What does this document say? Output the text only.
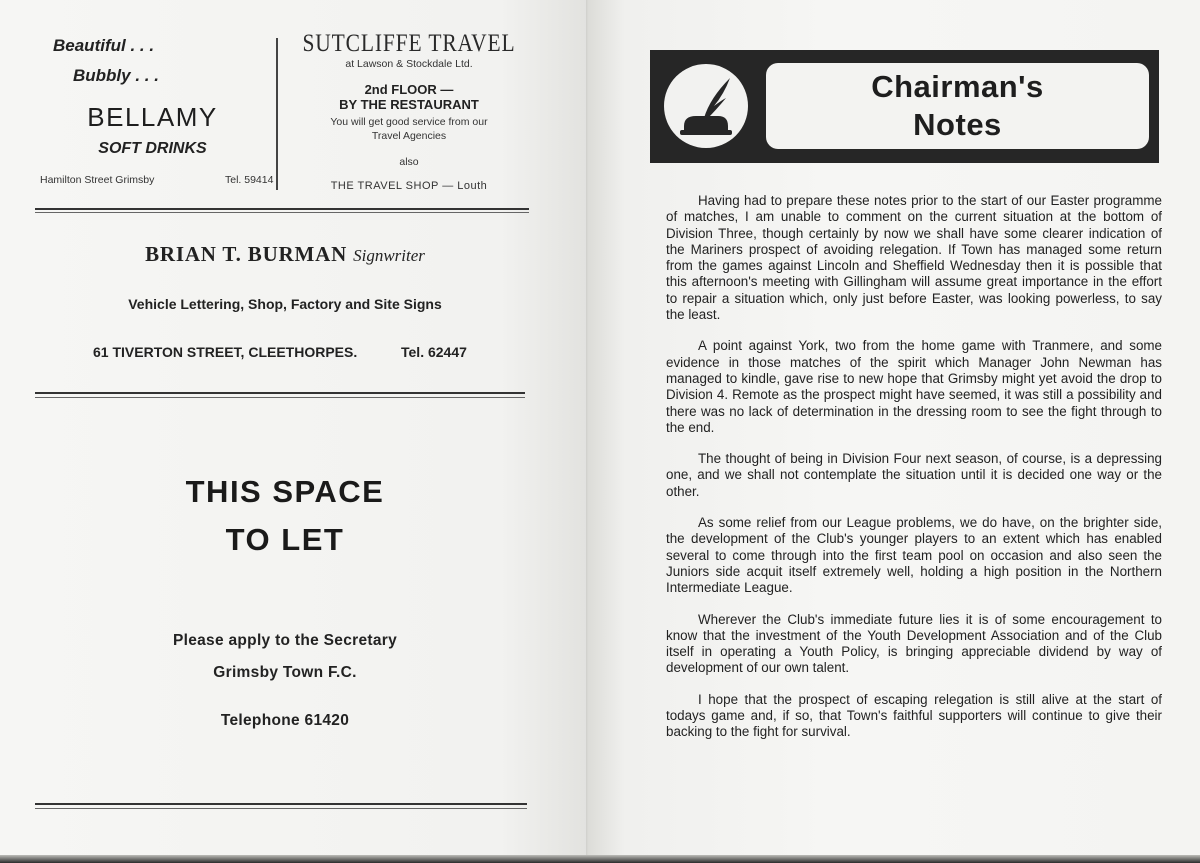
Beautiful . . .
Bubbly . . .
BELLAMY
SOFT DRINKS
Hamilton Street Grimsby	Tel. 59414
SUTCLIFFE TRAVEL
at Lawson & Stockdale Ltd.
2nd FLOOR —
BY THE RESTAURANT
You will get good service from our
Travel Agencies
also
THE TRAVEL SHOP — Louth
BRIAN T. BURMAN Signwriter
Vehicle Lettering, Shop, Factory and Site Signs
61 TIVERTON STREET, CLEETHORPES.	Tel. 62447
THIS SPACE
TO LET
Please apply to the Secretary
Grimsby Town F.C.
Telephone 61420
Chairman's
Notes

Having had to prepare these notes prior to the start of our Easter programme of matches, I am unable to comment on the current situation at the bottom of Division Three, though certainly by now we shall have some clearer indication of the Mariners prospect of avoiding relegation. If Town has managed some return from the games against Lincoln and Sheffield Wednesday then it is possible that this afternoon's meeting with Gillingham will assume great importance in the effort to repair a situation which, only just before Easter, was looking powerless, to say the least.

A point against York, two from the home game with Tranmere, and some evidence in those matches of the spirit which Manager John Newman has managed to kindle, gave rise to new hope that Grimsby might yet avoid the drop to Division 4. Remote as the prospect might have seemed, it was still a possibility and there was no lack of determination in the dressing room to see the fight through to the end.

The thought of being in Division Four next season, of course, is a depressing one, and we shall not contemplate the situation until it is decided one way or the other.

As some relief from our League problems, we do have, on the brighter side, the development of the Club's younger players to an extent which has enabled several to come through into the first team pool on occasion and also seen the Juniors side acquit itself extremely well, holding a high position in the Northern Intermediate League.

Wherever the Club's immediate future lies it is of some encouragement to know that the investment of the Youth Development Association and of the Club itself in operating a Youth Policy, is bringing appreciable dividend by way of development of our own talent.

I hope that the prospect of escaping relegation is still alive at the start of todays game and, if so, that Town's faithful supporters will continue to give their backing to the fight for survival.
